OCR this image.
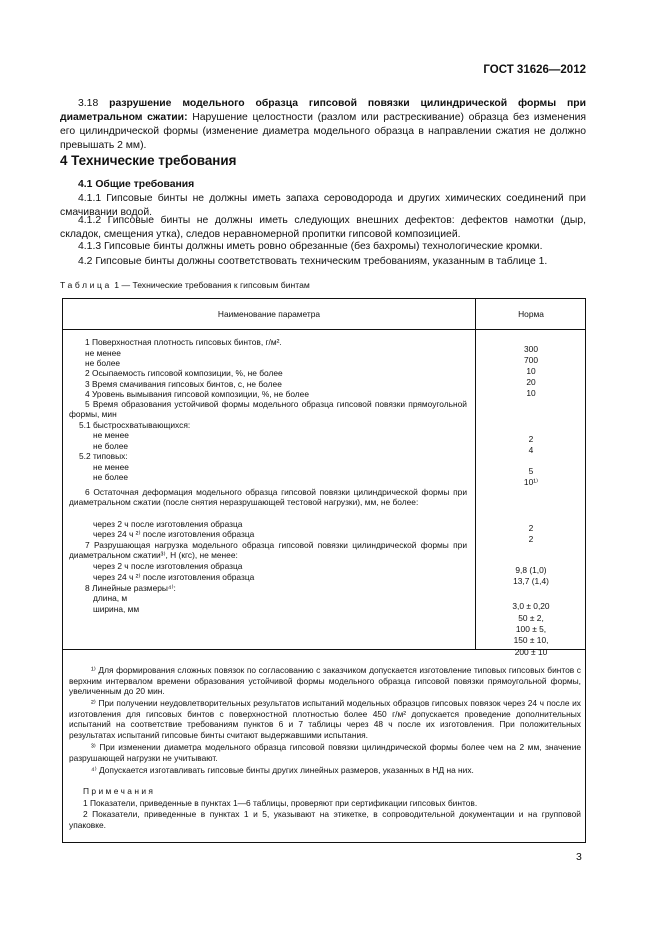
ГОСТ 31626—2012
3.18 разрушение модельного образца гипсовой повязки цилиндрической формы при диаметральном сжатии: Нарушение целостности (разлом или растрескивание) образца без изменения его цилиндрической формы (изменение диаметра модельного образца в направлении сжатия не должно превышать 2 мм).
4 Технические требования
4.1 Общие требования
4.1.1 Гипсовые бинты не должны иметь запаха сероводорода и других химических соединений при смачивании водой.
4.1.2 Гипсовые бинты не должны иметь следующих внешних дефектов: дефектов намотки (дыр, складок, смещения утка), следов неравномерной пропитки гипсовой композицией.
4.1.3 Гипсовые бинты должны иметь ровно обрезанные (без бахромы) технологические кромки.
4.2 Гипсовые бинты должны соответствовать техническим требованиям, указанным в таблице 1.
Таблица 1 — Технические требования к гипсовым бинтам
Наименование параметра	Норма
1 Поверхностная плотность гипсовых бинтов, г/м².
не менее
не более
2 Осыпаемость гипсовой композиции, %, не более
3 Время смачивания гипсовых бинтов, с, не более
4 Уровень вымывания гипсовой композиции, %, не более
5 Время образования устойчивой формы модельного образца гипсовой повязки прямоугольной формы, мин
5.1 быстросхватывающихся:
не менее
не более
5.2 типовых:
не менее
не более
6 Остаточная деформация модельного образца гипсовой повязки цилиндрической формы при диаметральном сжатии (после снятия неразрушающей тестовой нагрузки), мм, не более:
через 2 ч после изготовления образца
через 24 ч ²⁾ после изготовления образца
7 Разрушающая нагрузка модельного образца гипсовой повязки цилиндрической формы при диаметральном сжатии³⁾, Н (кгс), не менее:
через 2 ч после изготовления образца
через 24 ч ²⁾ после изготовления образца
8 Линейные размеры⁴⁾:
длина, м
ширина, мм
300
700
10
20
10
2
4
5
10¹⁾
2
2
9,8 (1,0)
13,7 (1,4)
3,0 ± 0,20
50 ± 2,
100 ± 5,
150 ± 10,
200 ± 10
¹⁾ Для формирования сложных повязок по согласованию с заказчиком допускается изготовление типовых гипсовых бинтов с верхним интервалом времени образования устойчивой формы модельного образца гипсовой повязки прямоугольной формы, увеличенным до 20 мин.
²⁾ При получении неудовлетворительных результатов испытаний модельных образцов гипсовых повязок через 24 ч после их изготовления для гипсовых бинтов с поверхностной плотностью более 450 г/м² допускается проведение дополнительных испытаний на соответствие требованиям пунктов 6 и 7 таблицы через 48 ч после их изготовления. При положительных результатах испытаний гипсовые бинты считают выдержавшими испытания.
³⁾ При изменении диаметра модельного образца гипсовой повязки цилиндрической формы более чем на 2 мм, значение разрушающей нагрузки не учитывают.
⁴⁾ Допускается изготавливать гипсовые бинты других линейных размеров, указанных в НД на них.
Примечания
1 Показатели, приведенные в пунктах 1—6 таблицы, проверяют при сертификации гипсовых бинтов.
2 Показатели, приведенные в пунктах 1 и 5, указывают на этикетке, в сопроводительной документации и на групповой упаковке.
3
